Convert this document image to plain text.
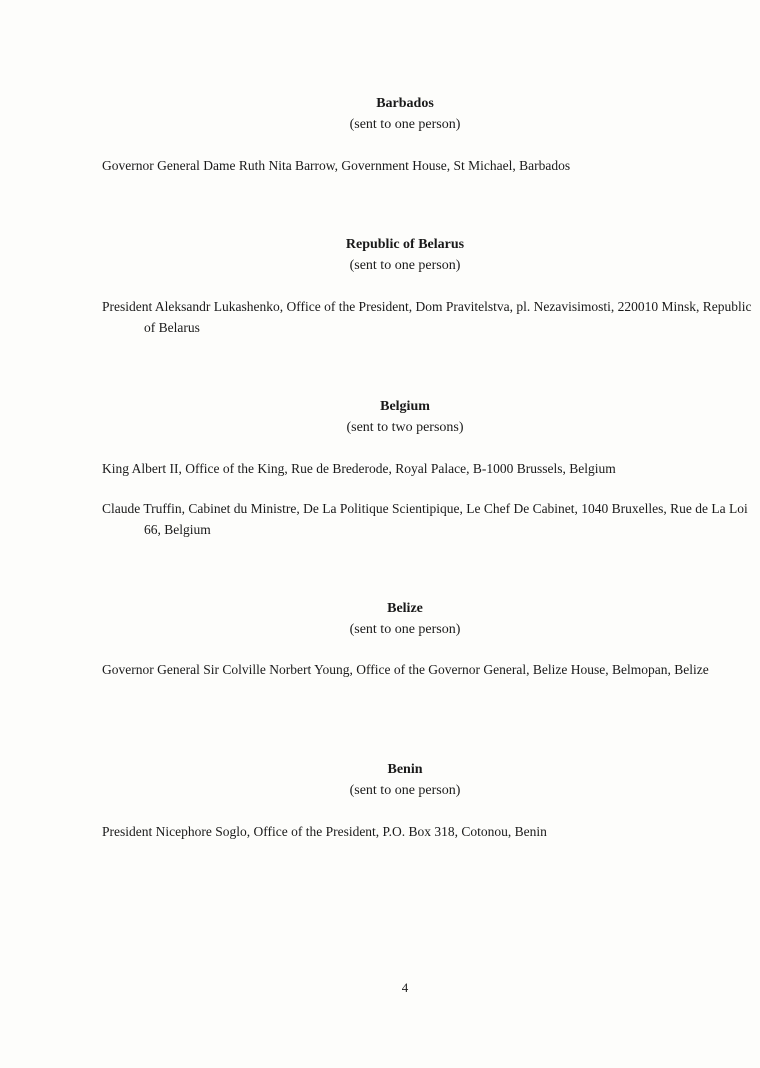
Barbados
(sent to one person)
Governor General Dame Ruth Nita Barrow, Government House, St Michael, Barbados
Republic of Belarus
(sent to one person)
President Aleksandr Lukashenko, Office of the President, Dom Pravitelstva, pl. Nezavisimosti, 220010 Minsk, Republic of Belarus
Belgium
(sent to two persons)
King Albert II, Office of the King, Rue de Brederode, Royal Palace, B-1000 Brussels, Belgium
Claude Truffin, Cabinet du Ministre, De La Politique Scientipique, Le Chef De Cabinet, 1040 Bruxelles, Rue de La Loi 66, Belgium
Belize
(sent to one person)
Governor General Sir Colville Norbert Young, Office of the Governor General, Belize House, Belmopan, Belize
Benin
(sent to one person)
President Nicephore Soglo, Office of the President, P.O. Box 318, Cotonou, Benin
4
